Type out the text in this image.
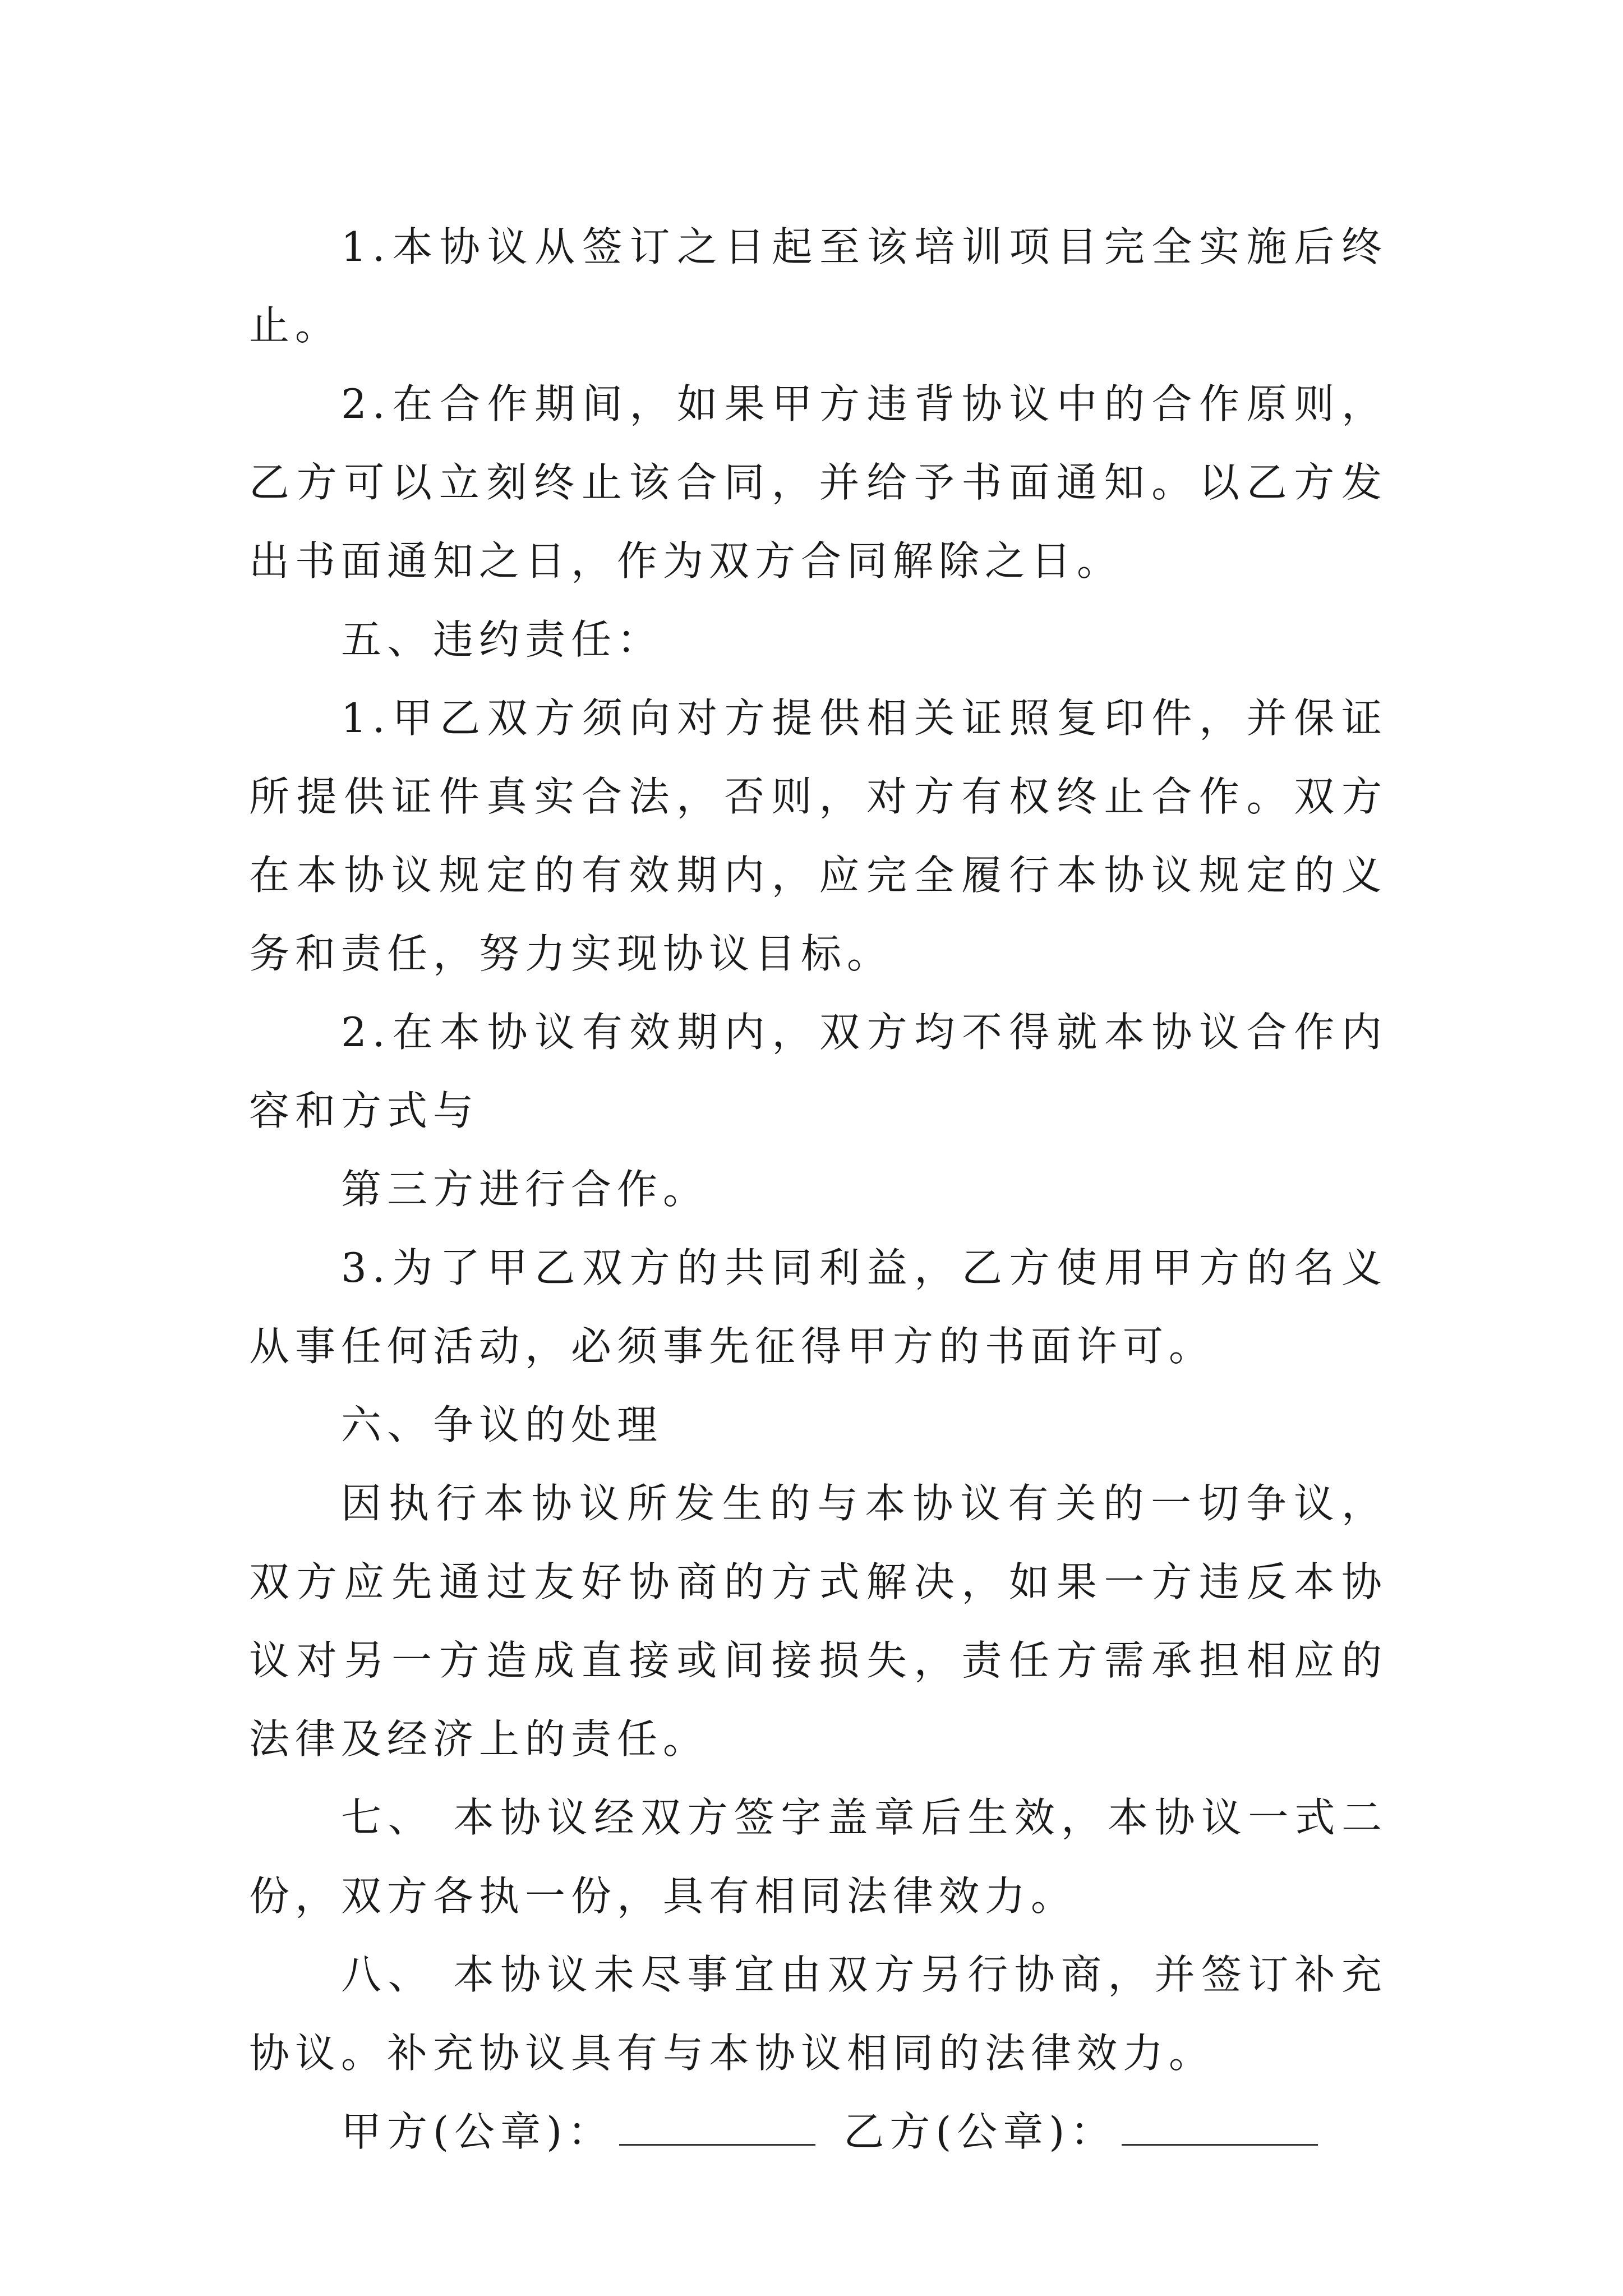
1.本协议从签订之日起至该培训项目完全实施后终止。

2.在合作期间，如果甲方违背协议中的合作原则，乙方可以立刻终止该合同，并给予书面通知。以乙方发出书面通知之日，作为双方合同解除之日。

五、违约责任：

1.甲乙双方须向对方提供相关证照复印件，并保证所提供证件真实合法，否则，对方有权终止合作。双方在本协议规定的有效期内，应完全履行本协议规定的义务和责任，努力实现协议目标。

2.在本协议有效期内，双方均不得就本协议合作内容和方式与

第三方进行合作。

3.为了甲乙双方的共同利益，乙方使用甲方的名义从事任何活动，必须事先征得甲方的书面许可。

六、争议的处理

因执行本协议所发生的与本协议有关的一切争议，双方应先通过友好协商的方式解决，如果一方违反本协议对另一方造成直接或间接损失，责任方需承担相应的法律及经济上的责任。

七、 本协议经双方签字盖章后生效，本协议一式二份，双方各执一份，具有相同法律效力。

八、 本协议未尽事宜由双方另行协商，并签订补充协议。补充协议具有与本协议相同的法律效力。

甲方(公章)：	乙方(公章)：
